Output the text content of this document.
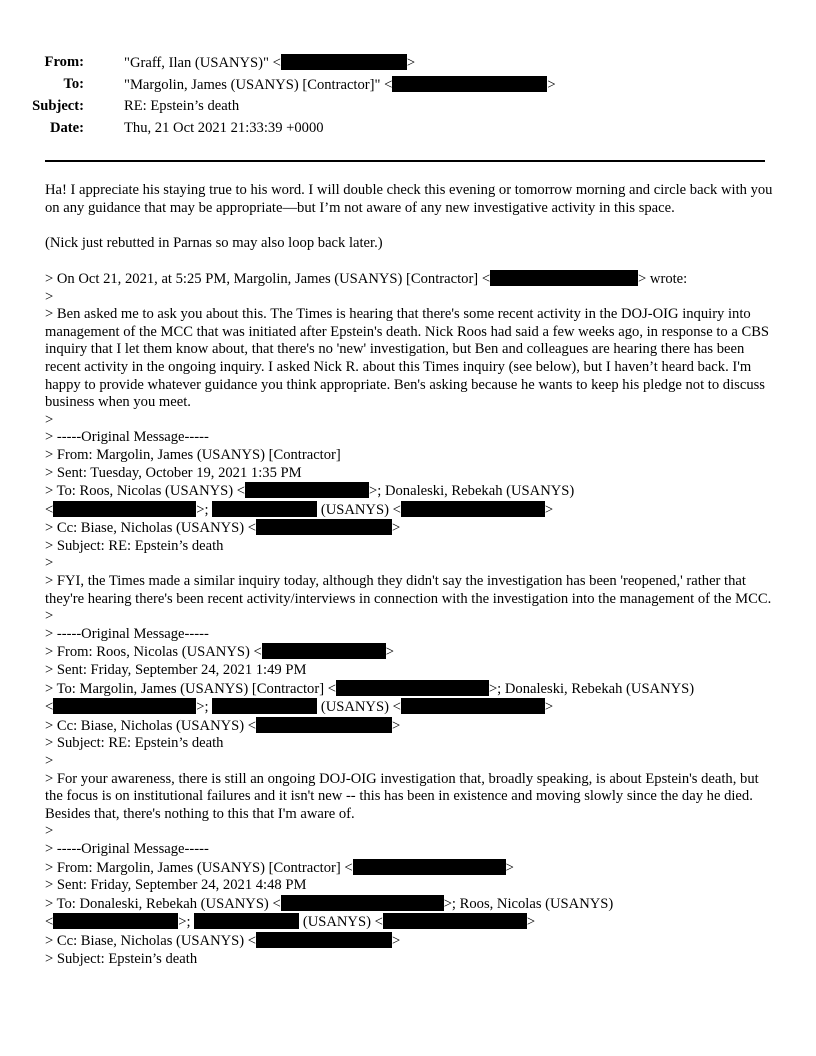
From:	"Graff, Ilan (USANYS)" <	>
To:	"Margolin, James (USANYS) [Contractor]" <	>
Subject:	RE: Epstein’s death
Date:	Thu, 21 Oct 2021 21:33:39 +0000

Ha! I appreciate his staying true to his word. I will double check this evening or tomorrow morning and circle back with you on any guidance that may be appropriate—but I’m not aware of any new investigative activity in this space.

(Nick just rebutted in Parnas so may also loop back later.)

> On Oct 21, 2021, at 5:25 PM, Margolin, James (USANYS) [Contractor] <	> wrote:
>

> Ben asked me to ask you about this. The Times is hearing that there's some recent activity in the DOJ-OIG inquiry into management of the MCC that was initiated after Epstein's death. Nick Roos had said a few weeks ago, in response to a CBS inquiry that I let them know about, that there's no 'new' investigation, but Ben and colleagues are hearing there has been recent activity in the ongoing inquiry. I asked Nick R. about this Times inquiry (see below), but I haven’t heard back. I'm happy to provide whatever guidance you think appropriate. Ben's asking because he wants to keep his pledge not to discuss business when you meet.

>
> -----Original Message-----
> From: Margolin, James (USANYS) [Contractor]
> Sent: Tuesday, October 19, 2021 1:35 PM
> To: Roos, Nicolas (USANYS) <	>; Donaleski, Rebekah (USANYS)
<	>;	(USANYS) <	>
> Cc: Biase, Nicholas (USANYS) <	>
> Subject: RE: Epstein’s death
>

> FYI, the Times made a similar inquiry today, although they didn't say the investigation has been 'reopened,' rather that they're hearing there's been recent activity/interviews in connection with the investigation into the management of the MCC.

>
> -----Original Message-----
> From: Roos, Nicolas (USANYS) <	>
> Sent: Friday, September 24, 2021 1:49 PM
> To: Margolin, James (USANYS) [Contractor] <	>; Donaleski, Rebekah (USANYS)
<	>;	(USANYS) <	>
> Cc: Biase, Nicholas (USANYS) <	>
> Subject: RE: Epstein’s death
>

> For your awareness, there is still an ongoing DOJ-OIG investigation that, broadly speaking, is about Epstein's death, but the focus is on institutional failures and it isn't new -- this has been in existence and moving slowly since the day he died. Besides that, there's nothing to this that I'm aware of.

>
> -----Original Message-----
> From: Margolin, James (USANYS) [Contractor] <	>
> Sent: Friday, September 24, 2021 4:48 PM
> To: Donaleski, Rebekah (USANYS) <	>; Roos, Nicolas (USANYS)
<	>;	(USANYS) <	>
> Cc: Biase, Nicholas (USANYS) <	>
> Subject: Epstein’s death
